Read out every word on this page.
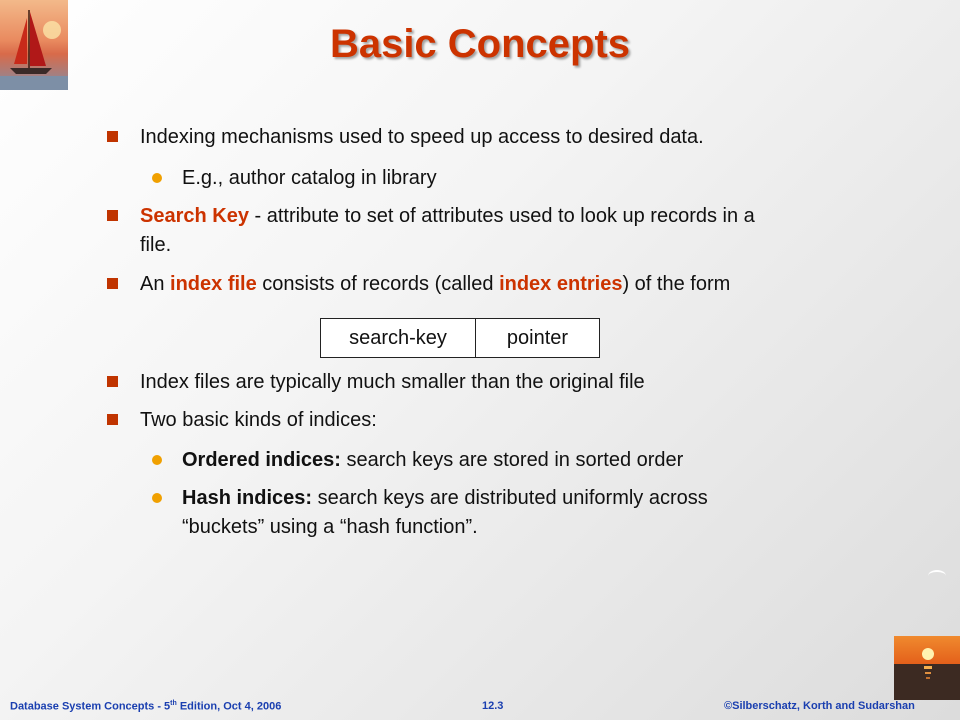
Basic Concepts
Indexing mechanisms used to speed up access to desired data.
E.g., author catalog in library
Search Key - attribute to set of attributes used to look up records in a
file.
An index file consists of records (called index entries) of the form
search-key	pointer
Index files are typically much smaller than the original file
Two basic kinds of indices:
Ordered indices: search keys are stored in sorted order
Hash indices: search keys are distributed uniformly across
“buckets” using a “hash function”.
Database System Concepts - 5th Edition, Oct 4, 2006	12.3	©Silberschatz, Korth and Sudarshan
